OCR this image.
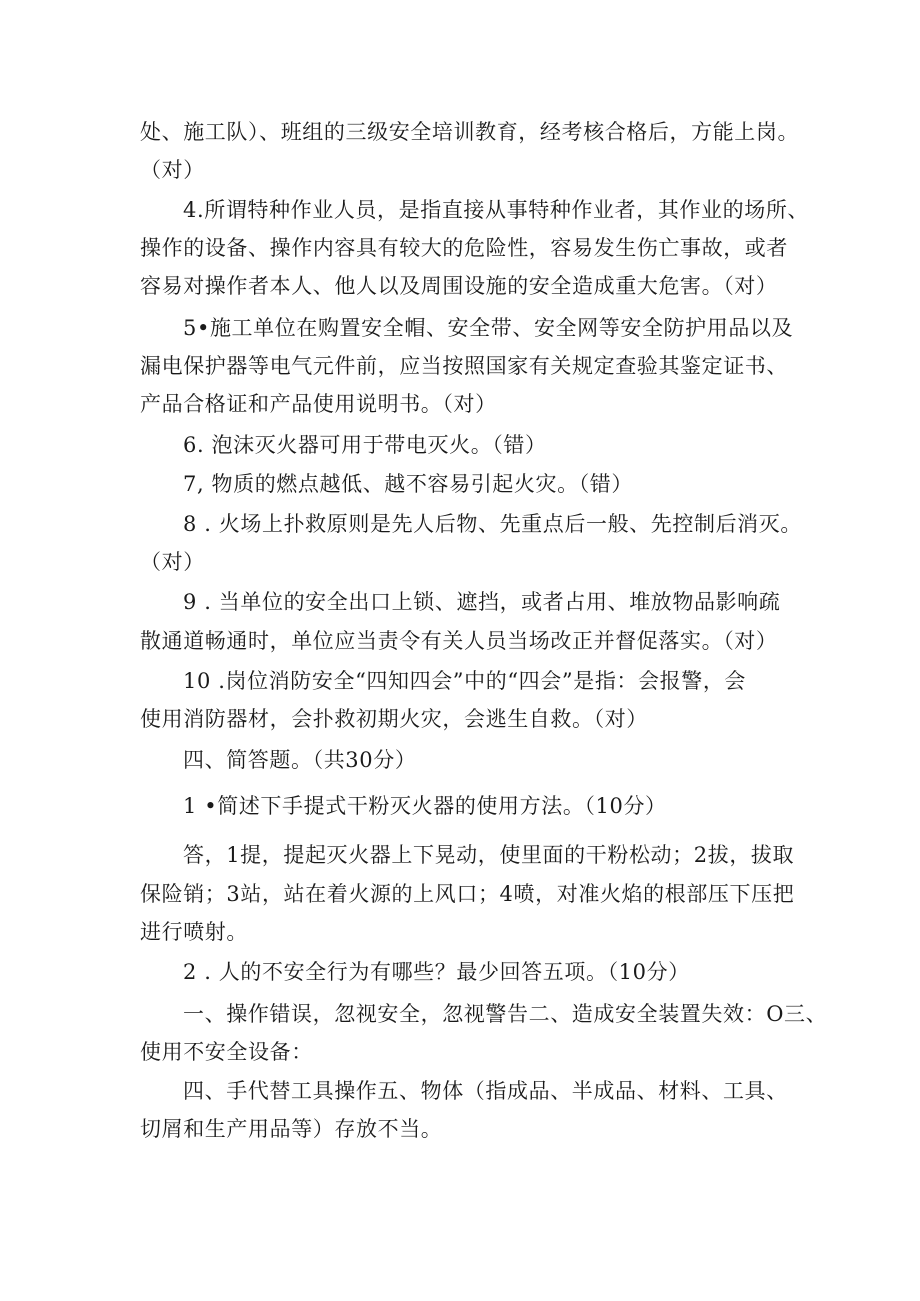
处、施工队）、班组的三级安全培训教育，经考核合格后，方能上岗。
（对）
4.所谓特种作业人员，是指直接从事特种作业者，其作业的场所、
操作的设备、操作内容具有较大的危险性，容易发生伤亡事故，或者
容易对操作者本人、他人以及周围设施的安全造成重大危害。（对）
5•施工单位在购置安全帽、安全带、安全网等安全防护用品以及
漏电保护器等电气元件前，应当按照国家有关规定查验其鉴定证书、
产品合格证和产品使用说明书。（对）
6. 泡沫灭火器可用于带电灭火。（错）
7, 物质的燃点越低、越不容易引起火灾。（错）
8 . 火场上扑救原则是先人后物、先重点后一般、先控制后消灭。
（对）
9 . 当单位的安全出口上锁、遮挡，或者占用、堆放物品影响疏
散通道畅通时，单位应当责令有关人员当场改正并督促落实。（对）
10 .岗位消防安全“四知四会”中的“四会”是指：会报警，会
使用消防器材，会扑救初期火灾，会逃生自救。（对）
四、简答题。（共30分）
1 •简述下手提式干粉灭火器的使用方法。（10分）
答，1提，提起灭火器上下晃动，使里面的干粉松动；2拔，拔取
保险销；3站，站在着火源的上风口；4喷，对准火焰的根部压下压把
进行喷射。
2 . 人的不安全行为有哪些？最少回答五项。（10分）
一、操作错误，忽视安全，忽视警告二、造成安全装置失效：O三、
使用不安全设备：
四、手代替工具操作五、物体（指成品、半成品、材料、工具、
切屑和生产用品等）存放不当。
